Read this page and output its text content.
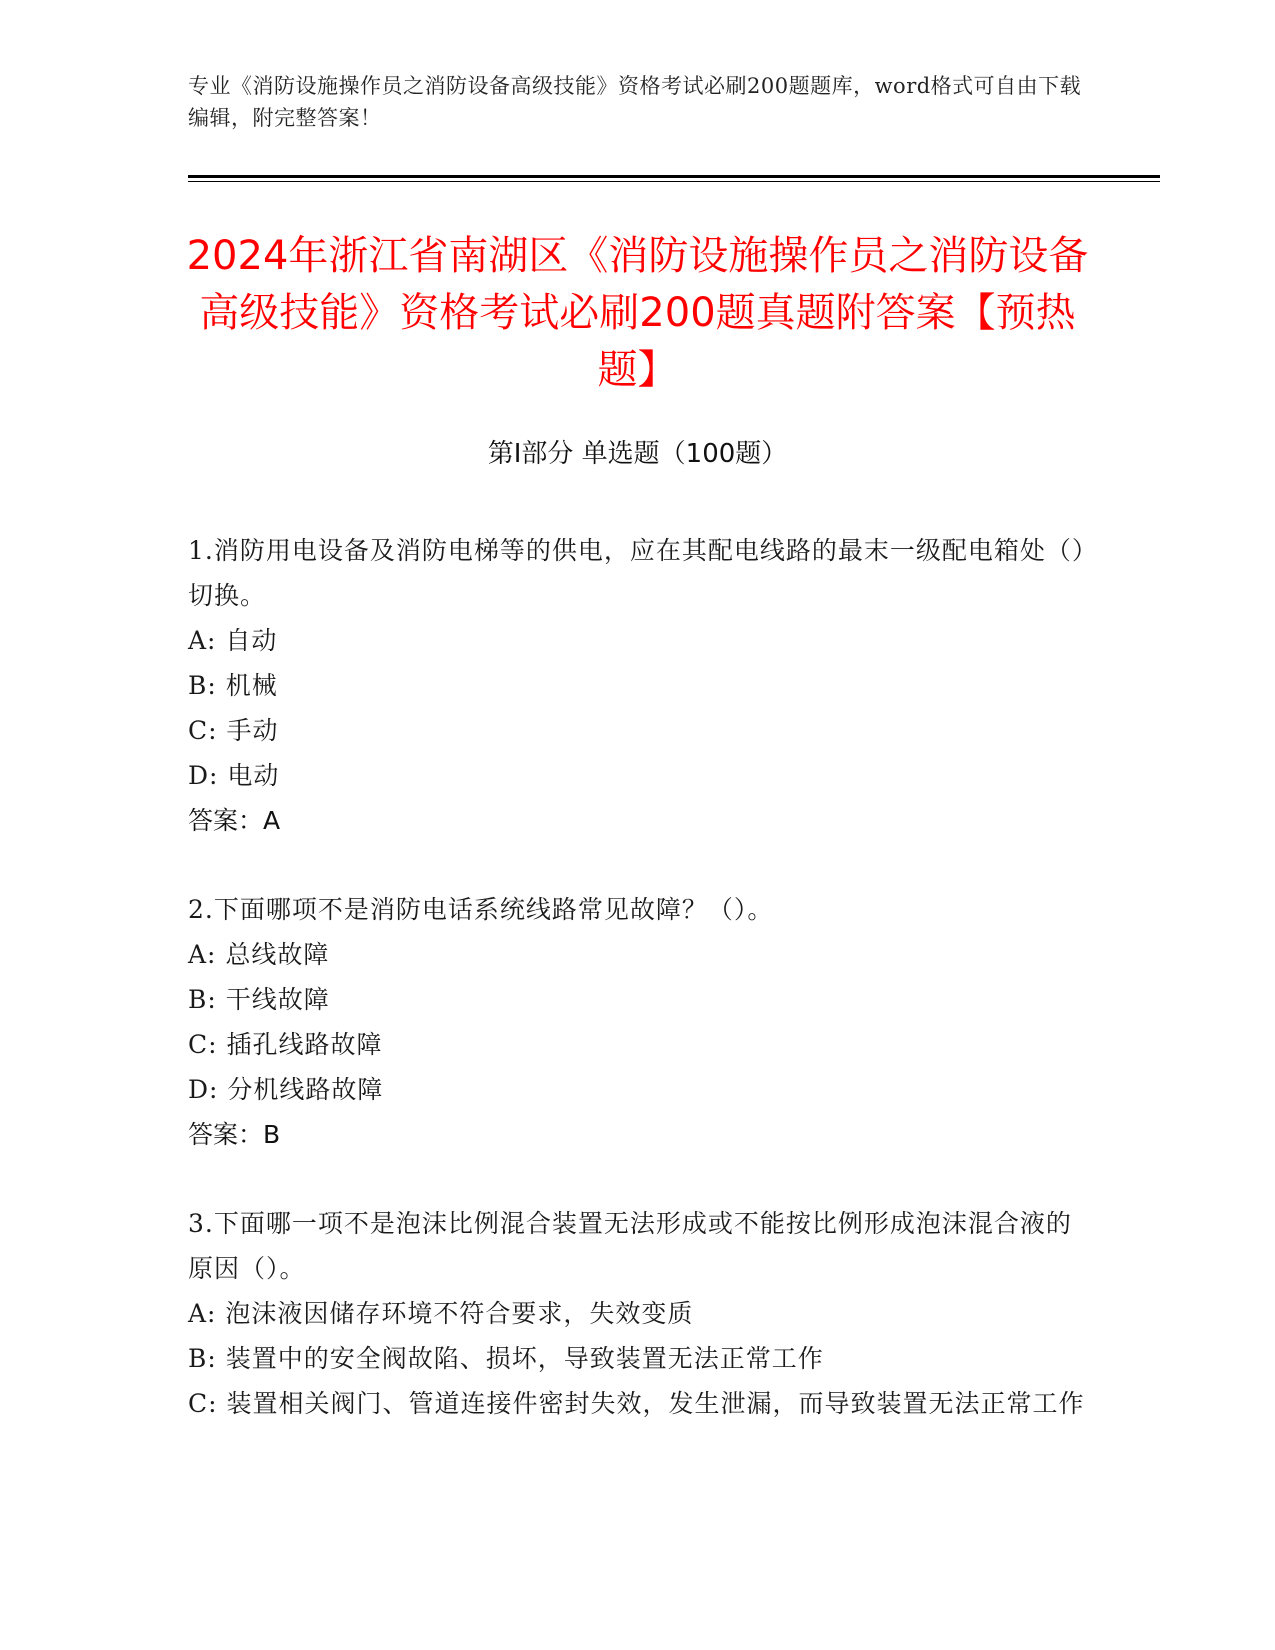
专业《消防设施操作员之消防设备高级技能》资格考试必刷200题题库，word格式可自由下载编辑，附完整答案！
2024年浙江省南湖区《消防设施操作员之消防设备高级技能》资格考试必刷200题真题附答案【预热题】
第I部分 单选题（100题）
1.消防用电设备及消防电梯等的供电，应在其配电线路的最末一级配电箱处（）切换。
A: 自动
B: 机械
C: 手动
D: 电动
答案：A
2.下面哪项不是消防电话系统线路常见故障？（）。
A: 总线故障
B: 干线故障
C: 插孔线路故障
D: 分机线路故障
答案：B
3.下面哪一项不是泡沫比例混合装置无法形成或不能按比例形成泡沫混合液的原因（）。
A: 泡沫液因储存环境不符合要求，失效变质
B: 装置中的安全阀故陷、损坏，导致装置无法正常工作
C: 装置相关阀门、管道连接件密封失效，发生泄漏，而导致装置无法正常工作
